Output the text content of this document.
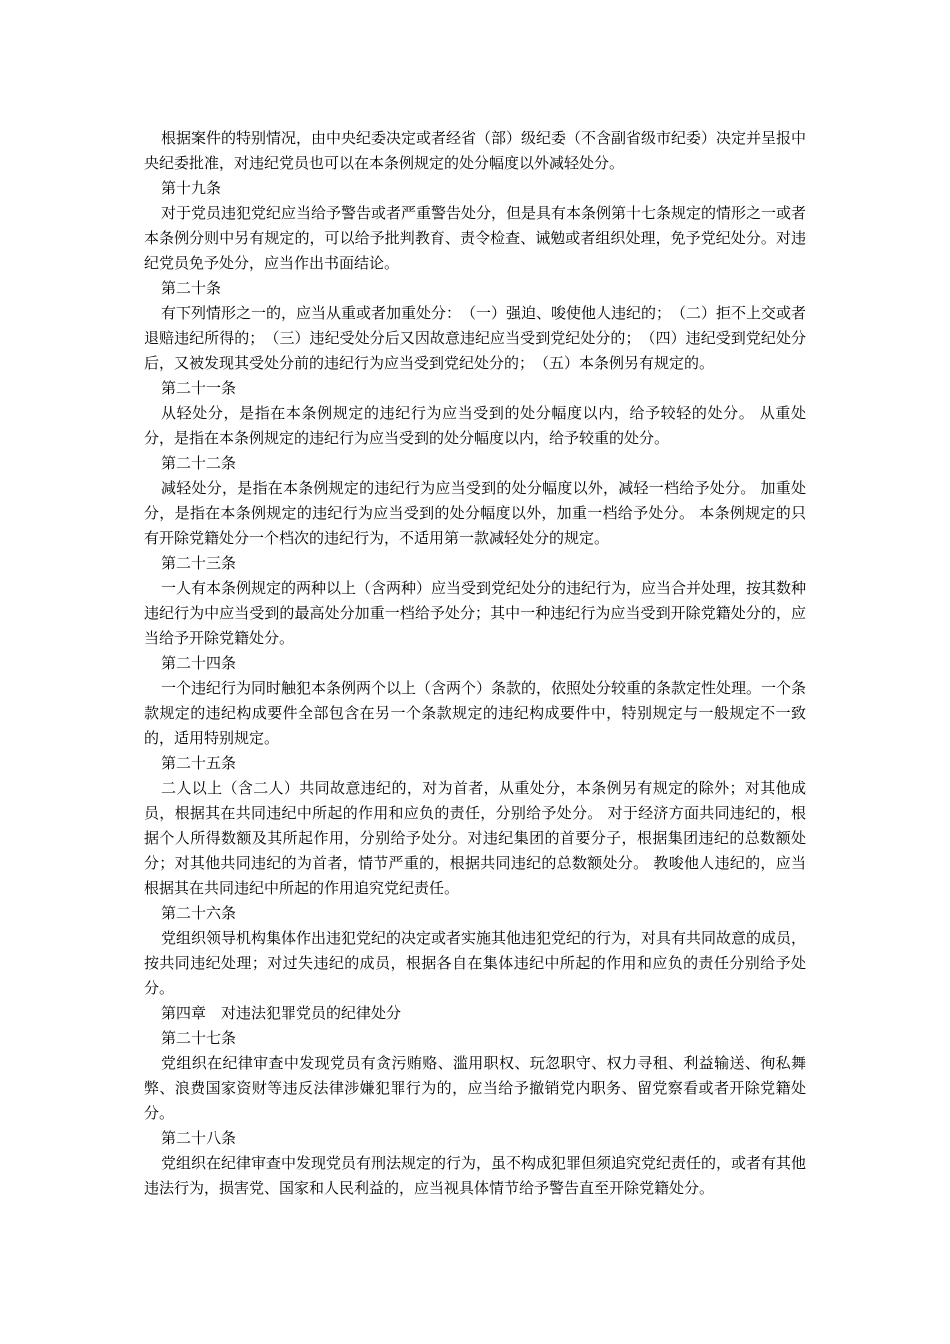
根据案件的特别情况，由中央纪委决定或者经省（部）级纪委（不含副省级市纪委）决定并呈报中央纪委批准，对违纪党员也可以在本条例规定的处分幅度以外减轻处分。

第十九条

对于党员违犯党纪应当给予警告或者严重警告处分，但是具有本条例第十七条规定的情形之一或者本条例分则中另有规定的，可以给予批判教育、责令检查、诫勉或者组织处理，免予党纪处分。对违纪党员免予处分，应当作出书面结论。

第二十条

有下列情形之一的，应当从重或者加重处分：　（一）强迫、唆使他人违纪的；　（二）拒不上交或者退赔违纪所得的；　（三）违纪受处分后又因故意违纪应当受到党纪处分的；　（四）违纪受到党纪处分后，又被发现其受处分前的违纪行为应当受到党纪处分的；　（五）本条例另有规定的。

第二十一条

从轻处分，是指在本条例规定的违纪行为应当受到的处分幅度以内，给予较轻的处分。 从重处分，是指在本条例规定的违纪行为应当受到的处分幅度以内，给予较重的处分。

第二十二条

减轻处分，是指在本条例规定的违纪行为应当受到的处分幅度以外，减轻一档给予处分。 加重处分，是指在本条例规定的违纪行为应当受到的处分幅度以外，加重一档给予处分。 本条例规定的只有开除党籍处分一个档次的违纪行为，不适用第一款减轻处分的规定。

第二十三条

一人有本条例规定的两种以上（含两种）应当受到党纪处分的违纪行为，应当合并处理，按其数种违纪行为中应当受到的最高处分加重一档给予处分；其中一种违纪行为应当受到开除党籍处分的，应当给予开除党籍处分。

第二十四条

一个违纪行为同时触犯本条例两个以上（含两个）条款的，依照处分较重的条款定性处理。一个条款规定的违纪构成要件全部包含在另一个条款规定的违纪构成要件中，特别规定与一般规定不一致的，适用特别规定。

第二十五条

二人以上（含二人）共同故意违纪的，对为首者，从重处分，本条例另有规定的除外；对其他成员，根据其在共同违纪中所起的作用和应负的责任，分别给予处分。 对于经济方面共同违纪的，根据个人所得数额及其所起作用，分别给予处分。对违纪集团的首要分子，根据集团违纪的总数额处分；对其他共同违纪的为首者，情节严重的，根据共同违纪的总数额处分。 教唆他人违纪的，应当根据其在共同违纪中所起的作用追究党纪责任。

第二十六条

党组织领导机构集体作出违犯党纪的决定或者实施其他违犯党纪的行为，对具有共同故意的成员，按共同违纪处理；对过失违纪的成员，根据各自在集体违纪中所起的作用和应负的责任分别给予处分。

第四章　对违法犯罪党员的纪律处分

第二十七条

党组织在纪律审查中发现党员有贪污贿赂、滥用职权、玩忽职守、权力寻租、利益输送、徇私舞弊、浪费国家资财等违反法律涉嫌犯罪行为的，应当给予撤销党内职务、留党察看或者开除党籍处分。

第二十八条

党组织在纪律审查中发现党员有刑法规定的行为，虽不构成犯罪但须追究党纪责任的，或者有其他违法行为，损害党、国家和人民利益的，应当视具体情节给予警告直至开除党籍处分。
